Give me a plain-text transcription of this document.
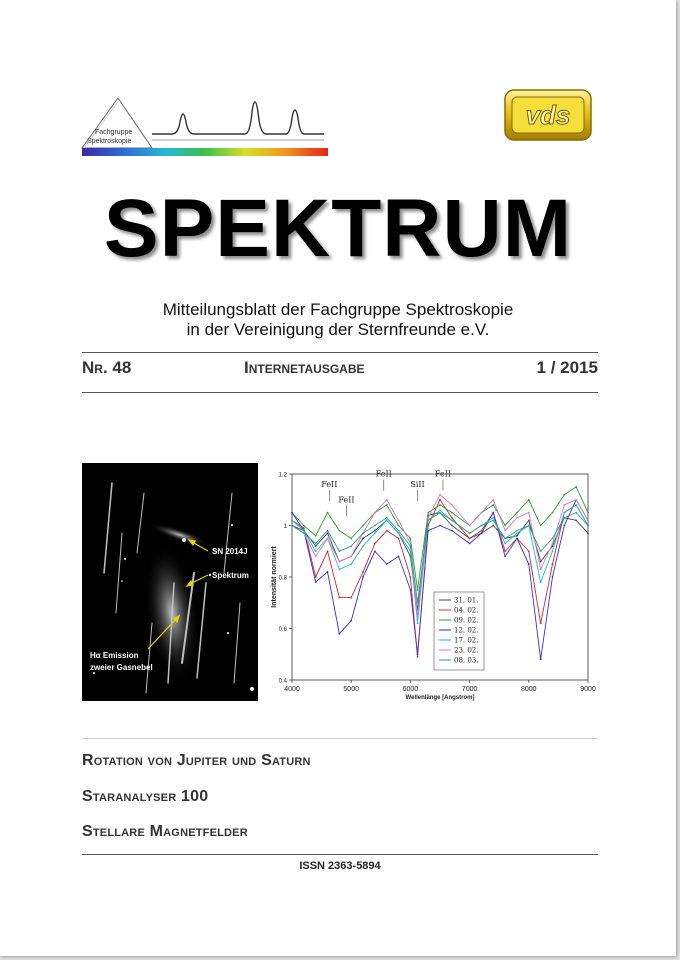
Fachgruppe
Spektroskopie
vds
SPEKTRUM
Mitteilungsblatt der Fachgruppe Spektroskopie
in der Vereinigung der Sternfreunde e.V.
Nr. 48	Internetausgabe	1 / 2015
SN 2014J
Spektrum
Hα Emission
zweier Gasnebel
4000	5000	6000	7000	8000	9000
0.4
0.6
0.8
1
1.2
Wellenlänge [Angstrom]
Intensität normiert
FeII
FeII
FeII
SiII
FeII
31. 01.
04. 02.
09. 02.
12. 02.
17. 02.
23. 02.
08. 03.
Rotation von Jupiter und Saturn
Staranalyser 100
Stellare Magnetfelder
ISSN 2363-5894
